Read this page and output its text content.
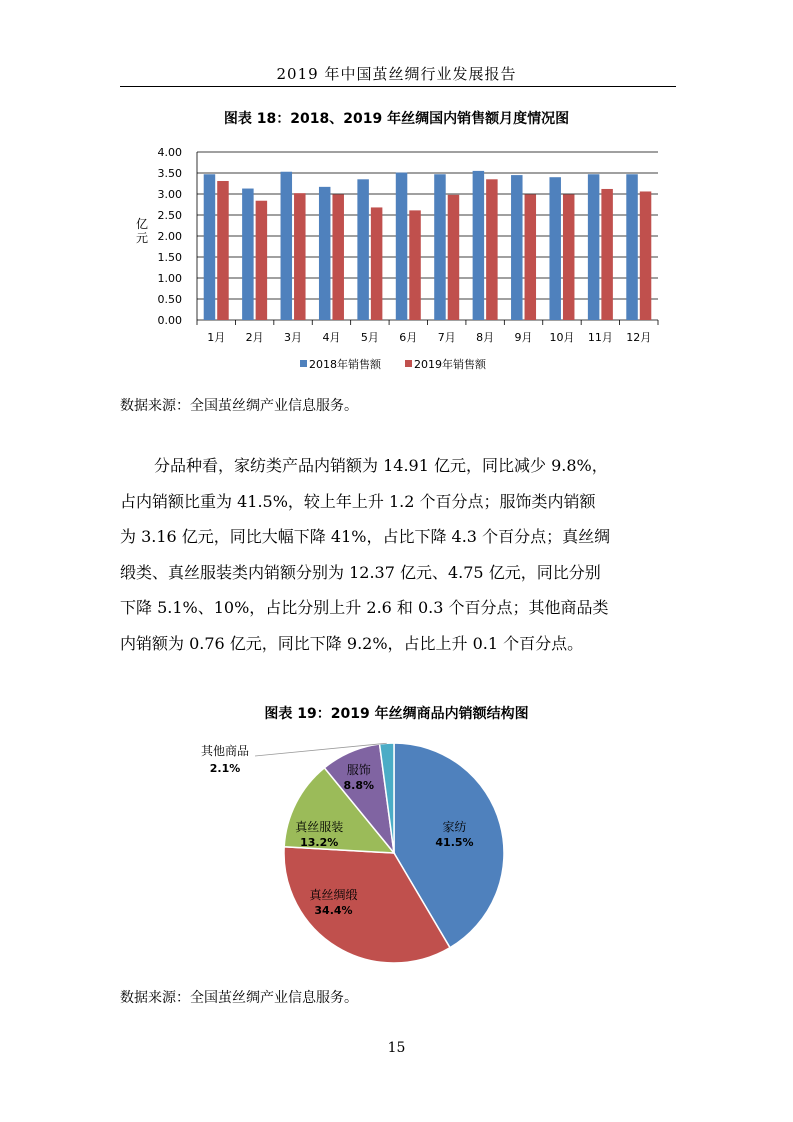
2019 年中国茧丝绸行业发展报告
图表 18：2018、2019 年丝绸国内销售额月度情况图
0.00
0.50
1.00
1.50
2.00
2.50
3.00
3.50
4.00
1月 2月 3月 4月 5月 6月 7月 8月 9月 10月 11月 12月
亿元
2018年销售额	2019年销售额
数据来源：全国茧丝绸产业信息服务。

分品种看，家纺类产品内销额为 14.91 亿元，同比减少 9.8%，
占内销额比重为 41.5%，较上年上升 1.2 个百分点；服饰类内销额
为 3.16 亿元，同比大幅下降 41%，占比下降 4.3 个百分点；真丝绸
缎类、真丝服装类内销额分别为 12.37 亿元、4.75 亿元，同比分别
下降 5.1%、10%，占比分别上升 2.6 和 0.3 个百分点；其他商品类
内销额为 0.76 亿元，同比下降 9.2%，占比上升 0.1 个百分点。

图表 19：2019 年丝绸商品内销额结构图
家纺
41.5%
真丝绸缎
34.4%
真丝服装
13.2%
服饰
8.8%
其他商品
2.1%
数据来源：全国茧丝绸产业信息服务。
15
